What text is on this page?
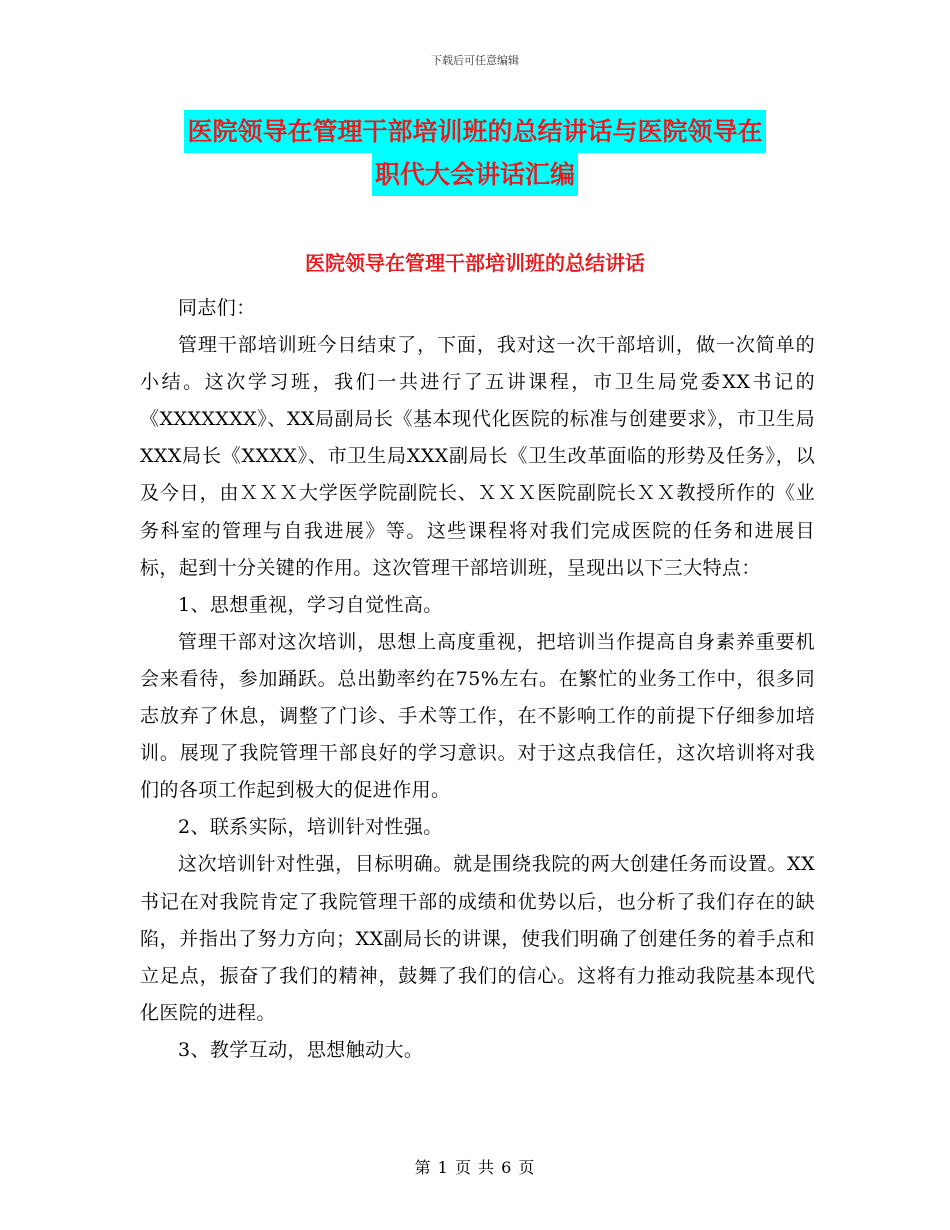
下载后可任意编辑
医院领导在管理干部培训班的总结讲话与医院领导在
职代大会讲话汇编
医院领导在管理干部培训班的总结讲话

同志们：

管理干部培训班今日结束了，下面，我对这一次干部培训，做一次简单的小结。这次学习班，我们一共进行了五讲课程，市卫生局党委XX书记的《XXXXXXX》、XX局副局长《基本现代化医院的标准与创建要求》，市卫生局XXX局长《XXXX》、市卫生局XXX副局长《卫生改革面临的形势及任务》，以及今日，由ＸＸＸ大学医学院副院长、ＸＸＸ医院副院长ＸＸ教授所作的《业务科室的管理与自我进展》等。这些课程将对我们完成医院的任务和进展目标，起到十分关键的作用。这次管理干部培训班，呈现出以下三大特点：

1、思想重视，学习自觉性高。

管理干部对这次培训，思想上高度重视，把培训当作提高自身素养重要机会来看待，参加踊跃。总出勤率约在75%左右。在繁忙的业务工作中，很多同志放弃了休息，调整了门诊、手术等工作，在不影响工作的前提下仔细参加培训。展现了我院管理干部良好的学习意识。对于这点我信任，这次培训将对我们的各项工作起到极大的促进作用。

2、联系实际，培训针对性强。

这次培训针对性强，目标明确。就是围绕我院的两大创建任务而设置。XX书记在对我院肯定了我院管理干部的成绩和优势以后，也分析了我们存在的缺陷，并指出了努力方向；XX副局长的讲课，使我们明确了创建任务的着手点和立足点，振奋了我们的精神，鼓舞了我们的信心。这将有力推动我院基本现代化医院的进程。

3、教学互动，思想触动大。

第 1 页 共 6 页
